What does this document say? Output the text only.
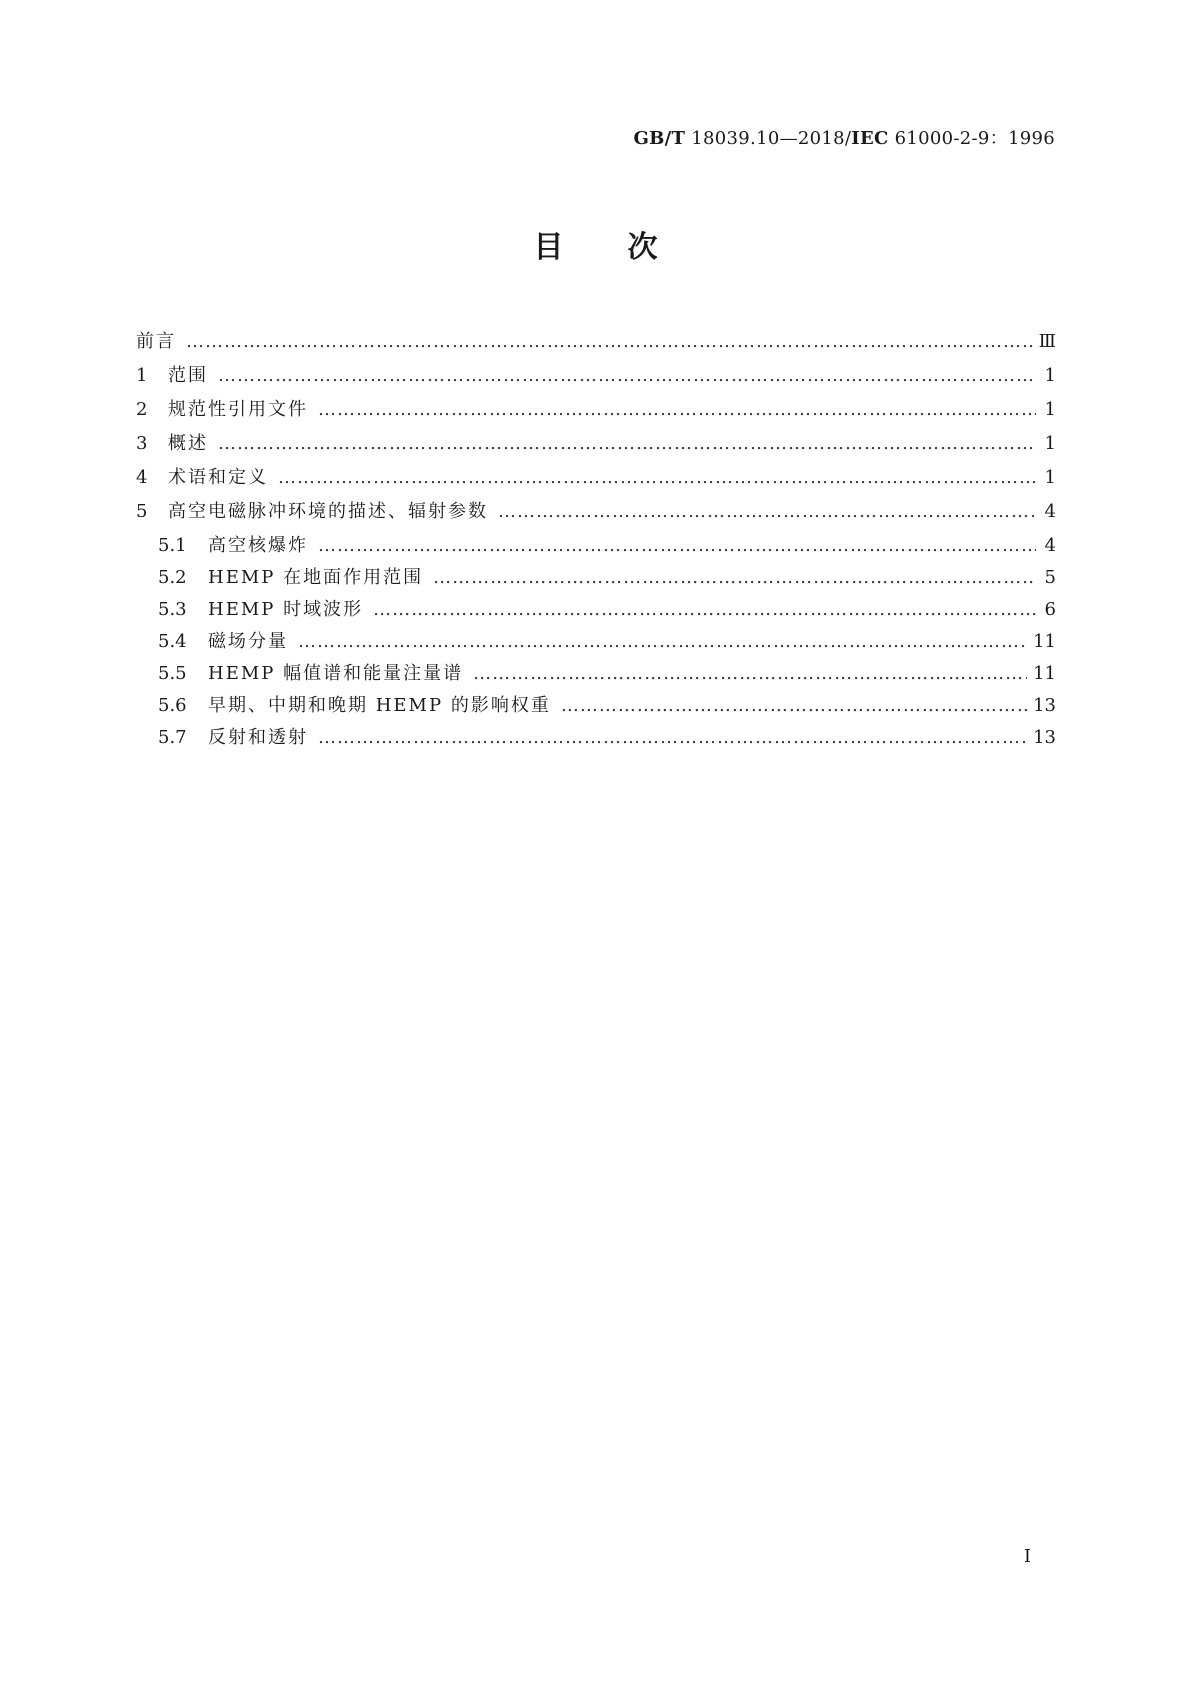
GB/T 18039.10—2018/IEC 61000-2-9：1996
目 次
前言 …………………………………………………………………………………………………………………………………………………………………………………………………………………………	Ⅲ
1	范围 …………………………………………………………………………………………………………………………………………………………………………………………………………………………	1
2	规范性引用文件 …………………………………………………………………………………………………………………………………………………………………………………………………………………………	1
3	概述 …………………………………………………………………………………………………………………………………………………………………………………………………………………………	1
4	术语和定义 …………………………………………………………………………………………………………………………………………………………………………………………………………………………	1
5	高空电磁脉冲环境的描述、辐射参数 …………………………………………………………………………………………………………………………………………………………………………………………………………………………	4
5.1	高空核爆炸 …………………………………………………………………………………………………………………………………………………………………………………………………………………………	4
5.2	HEMP 在地面作用范围 …………………………………………………………………………………………………………………………………………………………………………………………………………………………	5
5.3	HEMP 时域波形 …………………………………………………………………………………………………………………………………………………………………………………………………………………………	6
5.4	磁场分量 …………………………………………………………………………………………………………………………………………………………………………………………………………………………	11
5.5	HEMP 幅值谱和能量注量谱 …………………………………………………………………………………………………………………………………………………………………………………………………………………………	11
5.6	早期、中期和晚期 HEMP 的影响权重 …………………………………………………………………………………………………………………………………………………………………………………………………………………………	13
5.7	反射和透射 …………………………………………………………………………………………………………………………………………………………………………………………………………………………	13
I
